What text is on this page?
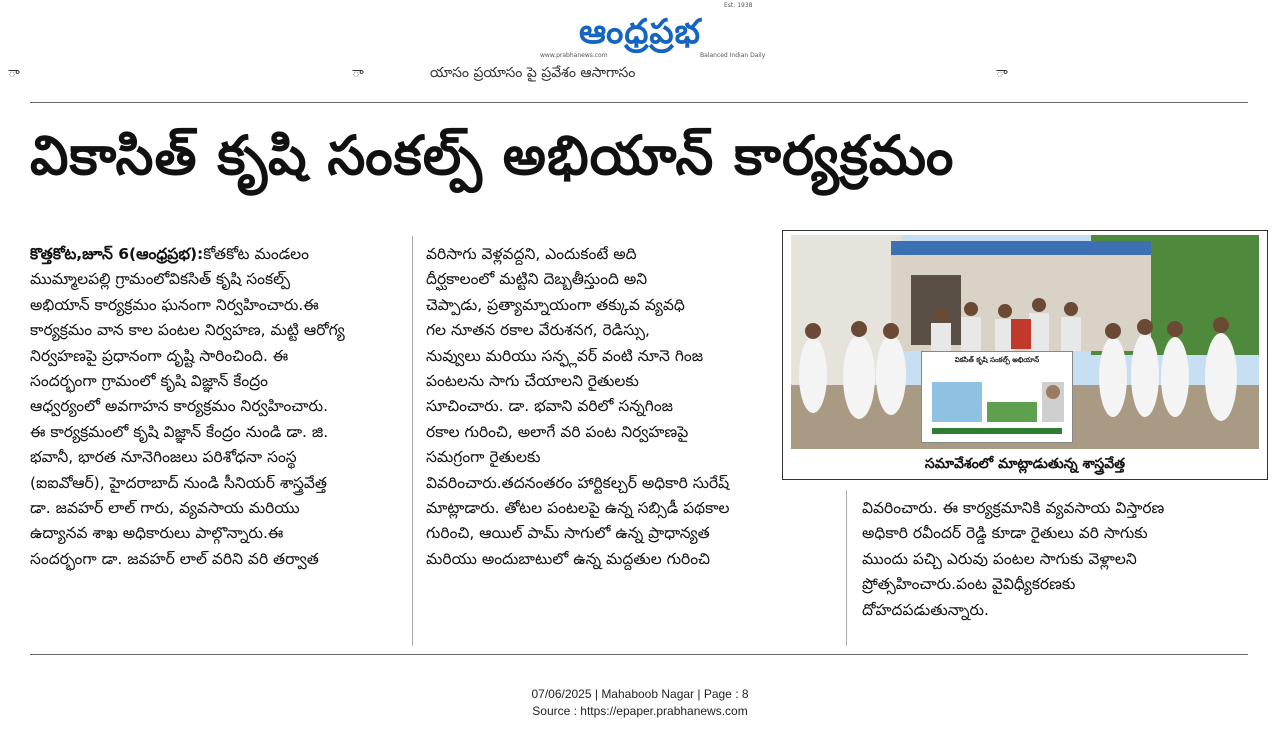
Est: 1938
ఆంధ్రప్రభ
www.prabhanews.com	Balanced Indian Daily
ా	ా	యాసం ప్రయాసం పై ప్రవేశం ఆసాగాసం	ా
వికాసిత్ కృషి సంకల్ప్ అభియాన్ కార్యక్రమం
కొత్తకోట,జూన్ 6(ఆంధ్రప్రభ):కోతకోట మండలం
ముమ్మాలపల్లి గ్రామంలోవికసిత్ కృషి సంకల్ప్
అభియాన్ కార్యక్రమం ఘనంగా నిర్వహించారు.ఈ
కార్యక్రమం వాన కాల పంటల నిర్వహణ, మట్టి ఆరోగ్య
నిర్వహణపై ప్రధానంగా దృష్టి సారించింది. ఈ
సందర్భంగా గ్రామంలో కృషి విజ్ఞాన్ కేంద్రం
ఆధ్వర్యంలో అవగాహన కార్యక్రమం నిర్వహించారు.
ఈ కార్యక్రమంలో కృషి విజ్ఞాన్ కేంద్రం నుండి డా. జి.
భవానీ, భారత నూనెగింజలు పరిశోధనా సంస్థ
(ఐఐవోఆర్), హైదరాబాద్ నుండి సీనియర్ శాస్త్రవేత్త
డా. జవహర్ లాల్ గారు, వ్యవసాయ మరియు
ఉద్యానవ శాఖ అధికారులు పాల్గొన్నారు.ఈ
సందర్భంగా డా. జవహర్ లాల్ వరిని వరి తర్వాత
వరిసాగు వెళ్లవద్దని, ఎందుకంటే అది
దీర్ఘకాలంలో మట్టిని దెబ్బతీస్తుంది అని
చెప్పాడు, ప్రత్యామ్నాయంగా తక్కువ వ్యవధి
గల నూతన రకాల వేరుశనగ, రెడిస్సు,
నువ్వులు మరియు సన్ఫ్లవర్ వంటి నూనె గింజ
పంటలను సాగు చేయాలని రైతులకు
సూచించారు. డా. భవాని వరిలో సన్నగింజ
రకాల గురించి, అలాగే వరి పంట నిర్వహణపై
సమగ్రంగా రైతులకు
వివరించారు.తదనంతరం హార్టికల్చర్ అధికారి సురేష్
మాట్లాడారు. తోటల పంటలపై ఉన్న సబ్సిడీ పథకాల
గురించి, ఆయిల్ పామ్ సాగులో ఉన్న ప్రాధాన్యత
మరియు అందుబాటులో ఉన్న మద్దతుల గురించి
వికసిత్ కృషి సంకల్ప్ అభియాన్
సమావేశంలో మాట్లాడుతున్న శాస్త్రవేత్త
వివరించారు. ఈ కార్యక్రమానికి వ్యవసాయ విస్తారణ
అధికారి రవీందర్ రెడ్డి కూడా రైతులు వరి సాగుకు
ముందు పచ్చి ఎరువు పంటల సాగుకు వెళ్లాలని
ప్రోత్సహించారు.పంట వైవిధ్యీకరణకు
దోహదపడుతున్నారు.
07/06/2025 | Mahaboob Nagar | Page : 8
Source : https://epaper.prabhanews.com
